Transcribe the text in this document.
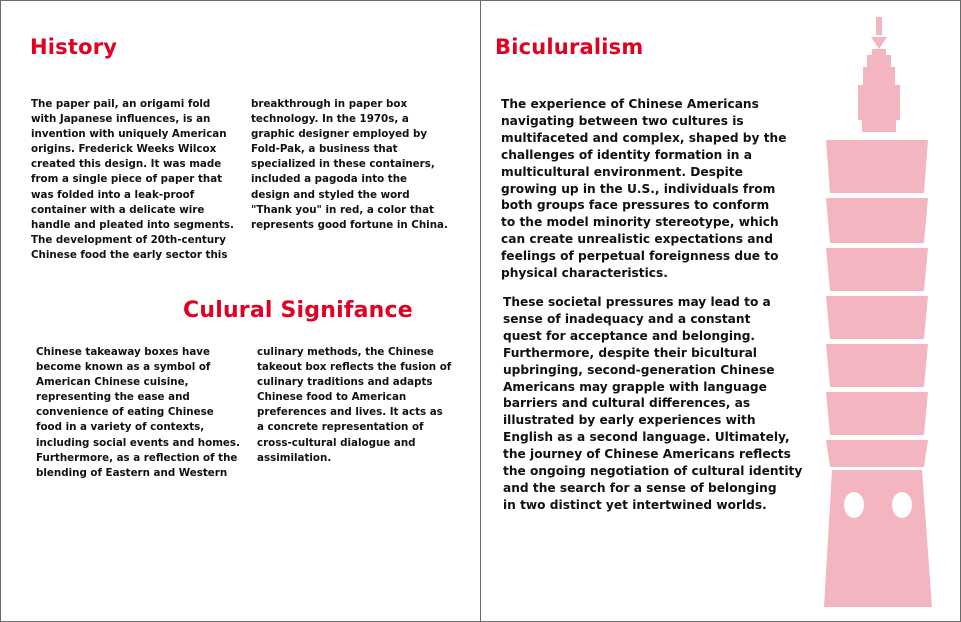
History
The paper pail, an origami fold
with Japanese influences, is an
invention with uniquely American
origins. Frederick Weeks Wilcox
created this design. It was made
from a single piece of paper that
was folded into a leak-proof
container with a delicate wire
handle and pleated into segments.
The development of 20th-century
Chinese food the early sector this
breakthrough in paper box
technology. In the 1970s, a
graphic designer employed by
Fold-Pak, a business that
specialized in these containers,
included a pagoda into the
design and styled the word
"Thank you" in red, a color that
represents good fortune in China.
Culural Signifance
Chinese takeaway boxes have
become known as a symbol of
American Chinese cuisine,
representing the ease and
convenience of eating Chinese
food in a variety of contexts,
including social events and homes.
Furthermore, as a reflection of the
blending of Eastern and Western
culinary methods, the Chinese
takeout box reflects the fusion of
culinary traditions and adapts
Chinese food to American
preferences and lives. It acts as
a concrete representation of
cross-cultural dialogue and
assimilation.
Biculuralism
The experience of Chinese Americans
navigating between two cultures is
multifaceted and complex, shaped by the
challenges of identity formation in a
multicultural environment. Despite
growing up in the U.S., individuals from
both groups face pressures to conform
to the model minority stereotype, which
can create unrealistic expectations and
feelings of perpetual foreignness due to
physical characteristics.
These societal pressures may lead to a
sense of inadequacy and a constant
quest for acceptance and belonging.
Furthermore, despite their bicultural
upbringing, second-generation Chinese
Americans may grapple with language
barriers and cultural differences, as
illustrated by early experiences with
English as a second language. Ultimately,
the journey of Chinese Americans reflects
the ongoing negotiation of cultural identity
and the search for a sense of belonging
in two distinct yet intertwined worlds.
